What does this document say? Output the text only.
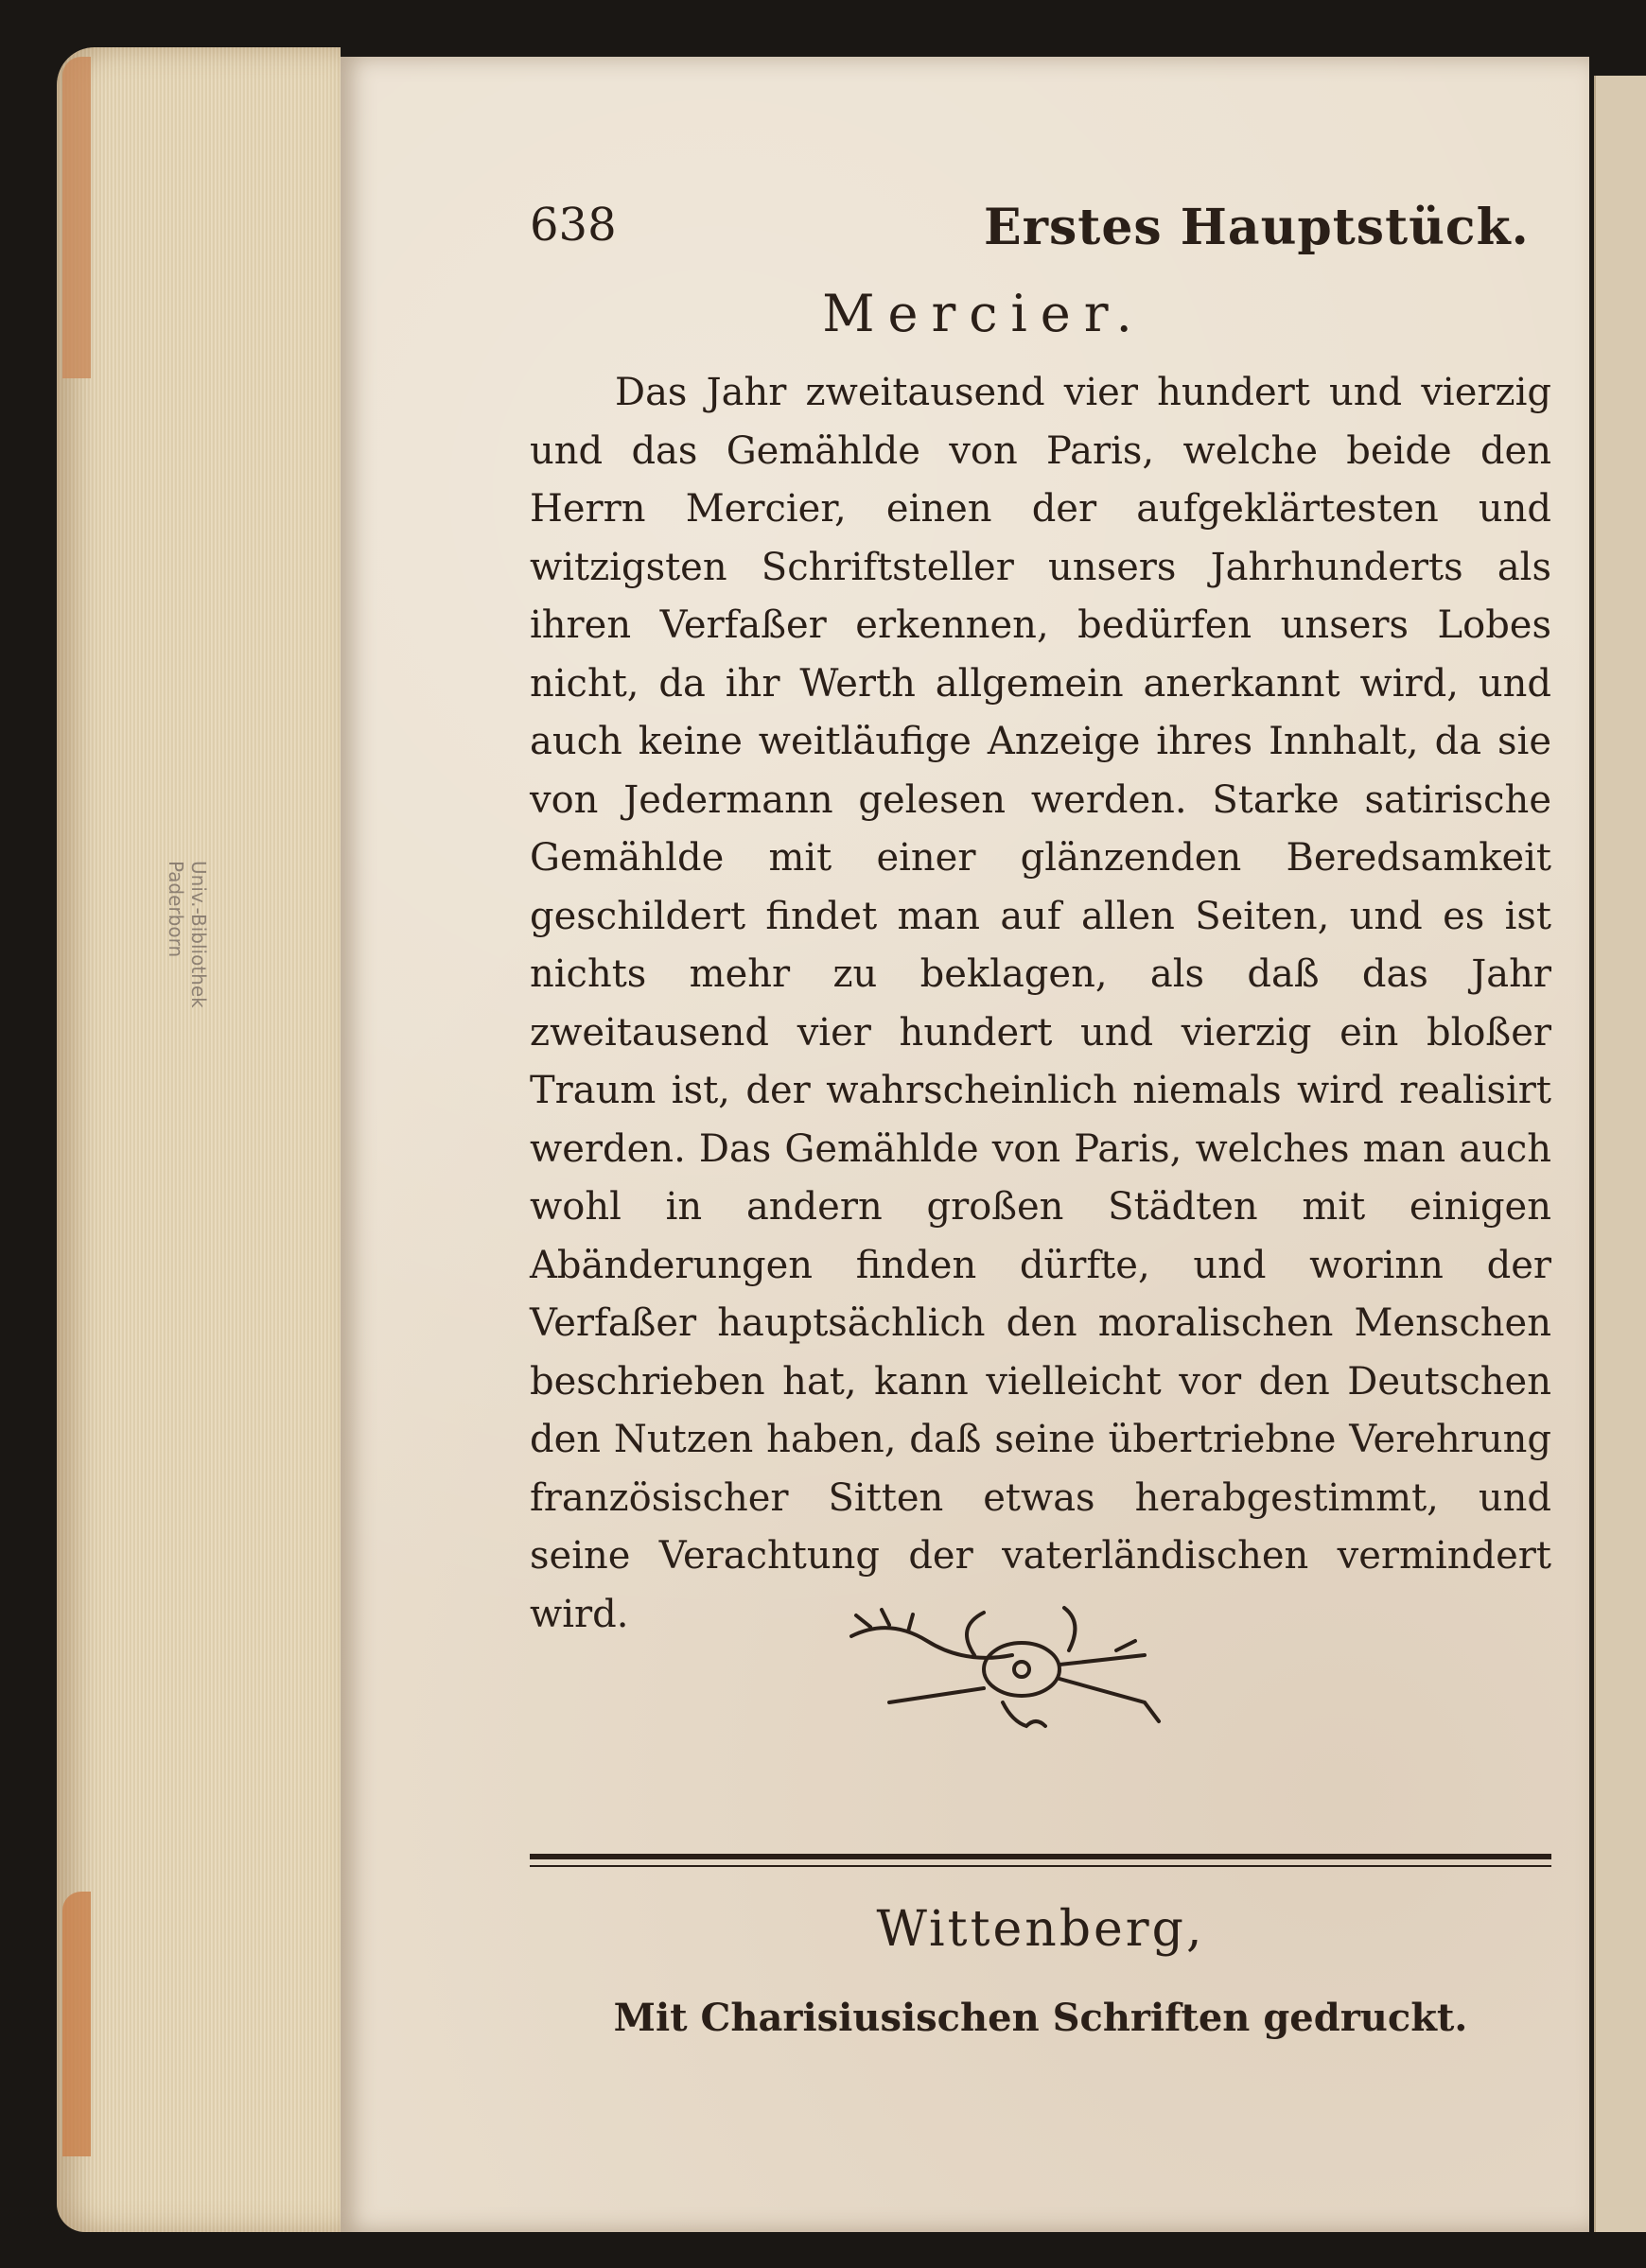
Univ.-Bibliothek
Paderborn
638	Erstes Hauptstück.
Mercier.

Das Jahr zweitausend vier hundert und vierzig und das Gemählde von Paris, welche beide den Herrn Mercier, einen der aufgeklärtesten und witzigsten Schriftsteller unsers Jahrhunderts als ihren Verfaßer erkennen, bedürfen unsers Lobes nicht, da ihr Werth allgemein anerkannt wird, und auch keine weitläufige Anzeige ihres Innhalt, da sie von Jedermann gelesen werden. Starke satirische Gemählde mit einer glänzenden Beredsamkeit geschildert findet man auf allen Seiten, und es ist nichts mehr zu beklagen, als daß das Jahr zweitausend vier hundert und vierzig ein bloßer Traum ist, der wahrscheinlich niemals wird realisirt werden. Das Gemählde von Paris, welches man auch wohl in andern großen Städten mit einigen Abänderungen finden dürfte, und worinn der Verfaßer hauptsächlich den moralischen Menschen beschrieben hat, kann vielleicht vor den Deutschen den Nutzen haben, daß seine übertriebne Verehrung französischer Sitten etwas herabgestimmt, und seine Verachtung der vaterländischen vermindert wird.

Wittenberg,
Mit Charisiusischen Schriften gedruckt.
